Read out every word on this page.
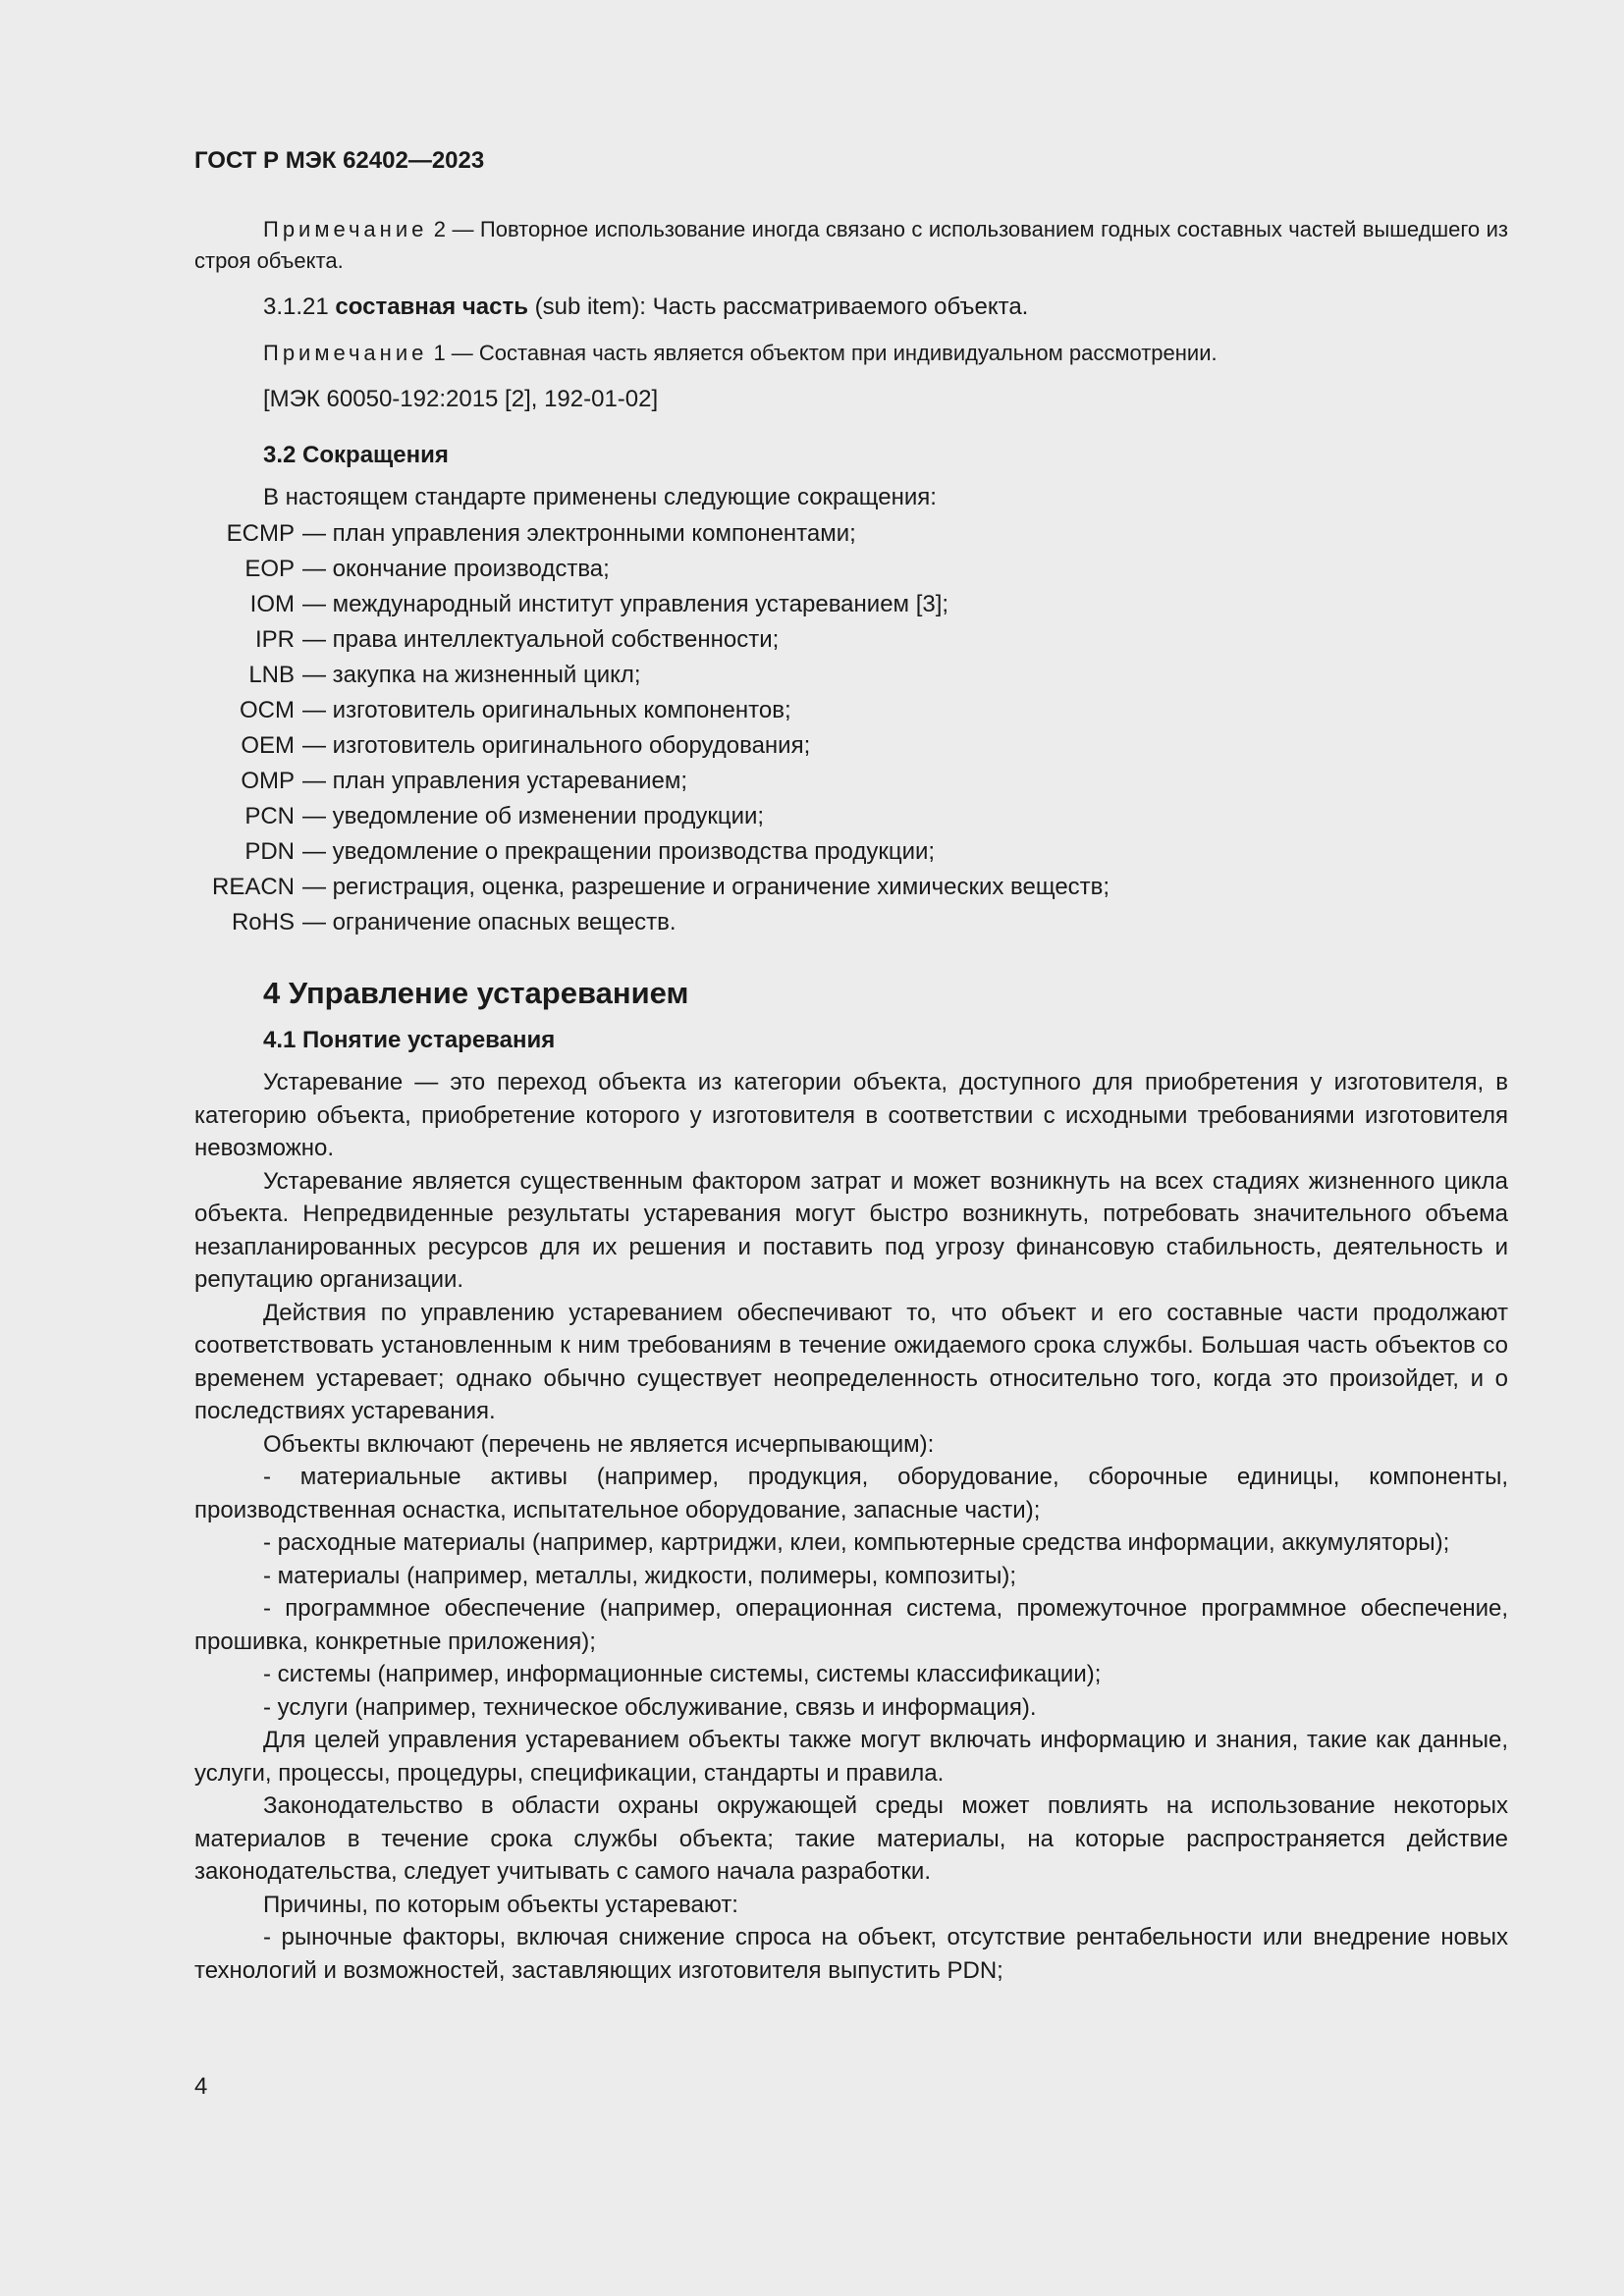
ГОСТ Р МЭК 62402—2023

Примечание 2 — Повторное использование иногда связано с использованием годных составных частей вышедшего из строя объекта.

3.1.21 составная часть (sub item): Часть рассматриваемого объекта.

Примечание 1 — Составная часть является объектом при индивидуальном рассмотрении.

[МЭК 60050-192:2015 [2], 192-01-02]

3.2 Сокращения

В настоящем стандарте применены следующие сокращения:

ECMP — план управления электронными компонентами;
EOP — окончание производства;
IOM — международный институт управления устареванием [3];
IPR — права интеллектуальной собственности;
LNB — закупка на жизненный цикл;
OCM — изготовитель оригинальных компонентов;
OEM — изготовитель оригинального оборудования;
OMP — план управления устареванием;
PCN — уведомление об изменении продукции;
PDN — уведомление о прекращении производства продукции;
REACN — регистрация, оценка, разрешение и ограничение химических веществ;
RoHS — ограничение опасных веществ.
4 Управление устареванием
4.1 Понятие устаревания

Устаревание — это переход объекта из категории объекта, доступного для приобретения у изготовителя, в категорию объекта, приобретение которого у изготовителя в соответствии с исходными требованиями изготовителя невозможно.

Устаревание является существенным фактором затрат и может возникнуть на всех стадиях жизненного цикла объекта. Непредвиденные результаты устаревания могут быстро возникнуть, потребовать значительного объема незапланированных ресурсов для их решения и поставить под угрозу финансовую стабильность, деятельность и репутацию организации.

Действия по управлению устареванием обеспечивают то, что объект и его составные части продолжают соответствовать установленным к ним требованиям в течение ожидаемого срока службы. Большая часть объектов со временем устаревает; однако обычно существует неопределенность относительно того, когда это произойдет, и о последствиях устаревания.

Объекты включают (перечень не является исчерпывающим):

- материальные активы (например, продукция, оборудование, сборочные единицы, компоненты, производственная оснастка, испытательное оборудование, запасные части);

- расходные материалы (например, картриджи, клеи, компьютерные средства информации, аккумуляторы);

- материалы (например, металлы, жидкости, полимеры, композиты);

- программное обеспечение (например, операционная система, промежуточное программное обеспечение, прошивка, конкретные приложения);

- системы (например, информационные системы, системы классификации);

- услуги (например, техническое обслуживание, связь и информация).

Для целей управления устареванием объекты также могут включать информацию и знания, такие как данные, услуги, процессы, процедуры, спецификации, стандарты и правила.

Законодательство в области охраны окружающей среды может повлиять на использование некоторых материалов в течение срока службы объекта; такие материалы, на которые распространяется действие законодательства, следует учитывать с самого начала разработки.

Причины, по которым объекты устаревают:

- рыночные факторы, включая снижение спроса на объект, отсутствие рентабельности или внедрение новых технологий и возможностей, заставляющих изготовителя выпустить PDN;

4
